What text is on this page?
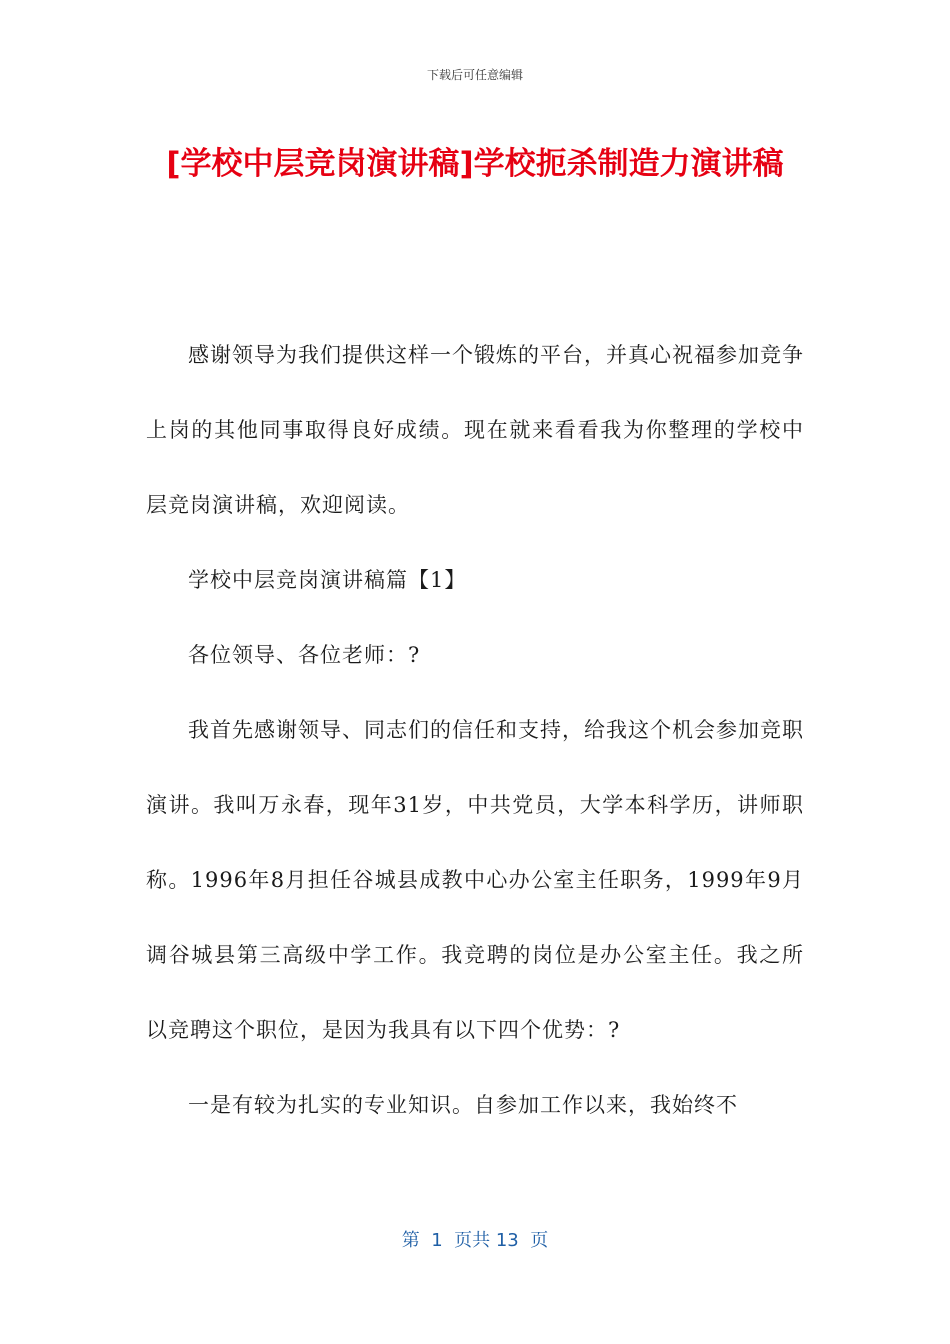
下载后可任意编辑
[学校中层竞岗演讲稿]学校扼杀制造力演讲稿

感谢领导为我们提供这样一个锻炼的平台，并真心祝福参加竞争上岗的其他同事取得良好成绩。现在就来看看我为你整理的学校中层竞岗演讲稿，欢迎阅读。

学校中层竞岗演讲稿篇【1】

各位领导、各位老师：?

我首先感谢领导、同志们的信任和支持，给我这个机会参加竞职演讲。我叫万永春，现年31岁，中共党员，大学本科学历，讲师职称。1996年8月担任谷城县成教中心办公室主任职务，1999年9月调谷城县第三高级中学工作。我竞聘的岗位是办公室主任。我之所以竞聘这个职位，是因为我具有以下四个优势：?

一是有较为扎实的专业知识。自参加工作以来，我始终不

第  1  页共 13  页
